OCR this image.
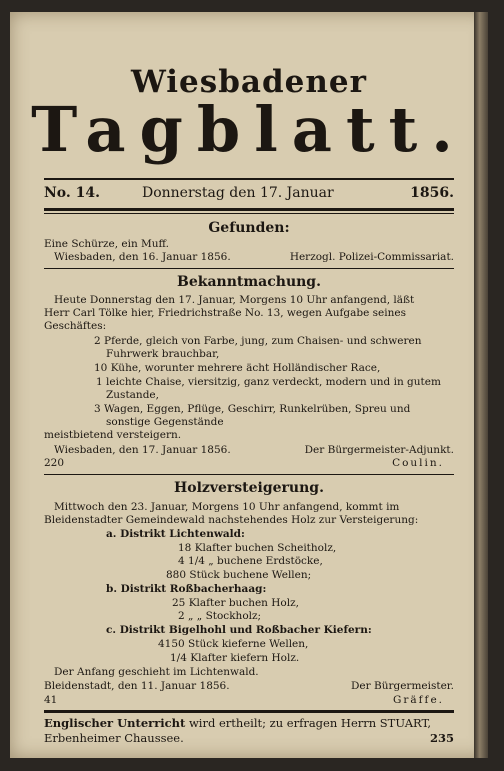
Wiesbadener
Tagblatt.
No. 14.	Donnerstag den 17. Januar	1856.
Gefunden:
Eine Schürze, ein Muff.
Wiesbaden, den 16. Januar 1856.	Herzogl. Polizei-Commissariat.
Bekanntmachung.
Heute Donnerstag den 17. Januar, Morgens 10 Uhr anfangend, läßt
Herr Carl Tölke hier, Friedrichstraße No. 13, wegen Aufgabe seines
Geschäftes:
2 Pferde, gleich von Farbe, jung, zum Chaisen- und schweren
Fuhrwerk brauchbar,
10 Kühe, worunter mehrere ächt Holländischer Race,
1 leichte Chaise, viersitzig, ganz verdeckt, modern und in gutem
Zustande,
3 Wagen, Eggen, Pflüge, Geschirr, Runkelrüben, Spreu und
sonstige Gegenstände
meistbietend versteigern.
Wiesbaden, den 17. Januar 1856.	Der Bürgermeister-Adjunkt.
220	Coulin.
Holzversteigerung.
Mittwoch den 23. Januar, Morgens 10 Uhr anfangend, kommt im
Bleidenstadter Gemeindewald nachstehendes Holz zur Versteigerung:
a. Distrikt Lichtenwald:
18 Klafter buchen Scheitholz,
4 1/4 „ buchene Erdstöcke,
880 Stück buchene Wellen;
b. Distrikt Roßbacherhaag:
25 Klafter buchen Holz,
2 „ „ Stockholz;
c. Distrikt Bigelhohl und Roßbacher Kiefern:
4150 Stück kieferne Wellen,
1/4 Klafter kiefern Holz.
Der Anfang geschieht im Lichtenwald.
Bleidenstadt, den 11. Januar 1856.	Der Bürgermeister.
41	Gräffe.
Englischer Unterricht wird ertheilt; zu erfragen Herrn STUART,
Erbenheimer Chaussee.	235
